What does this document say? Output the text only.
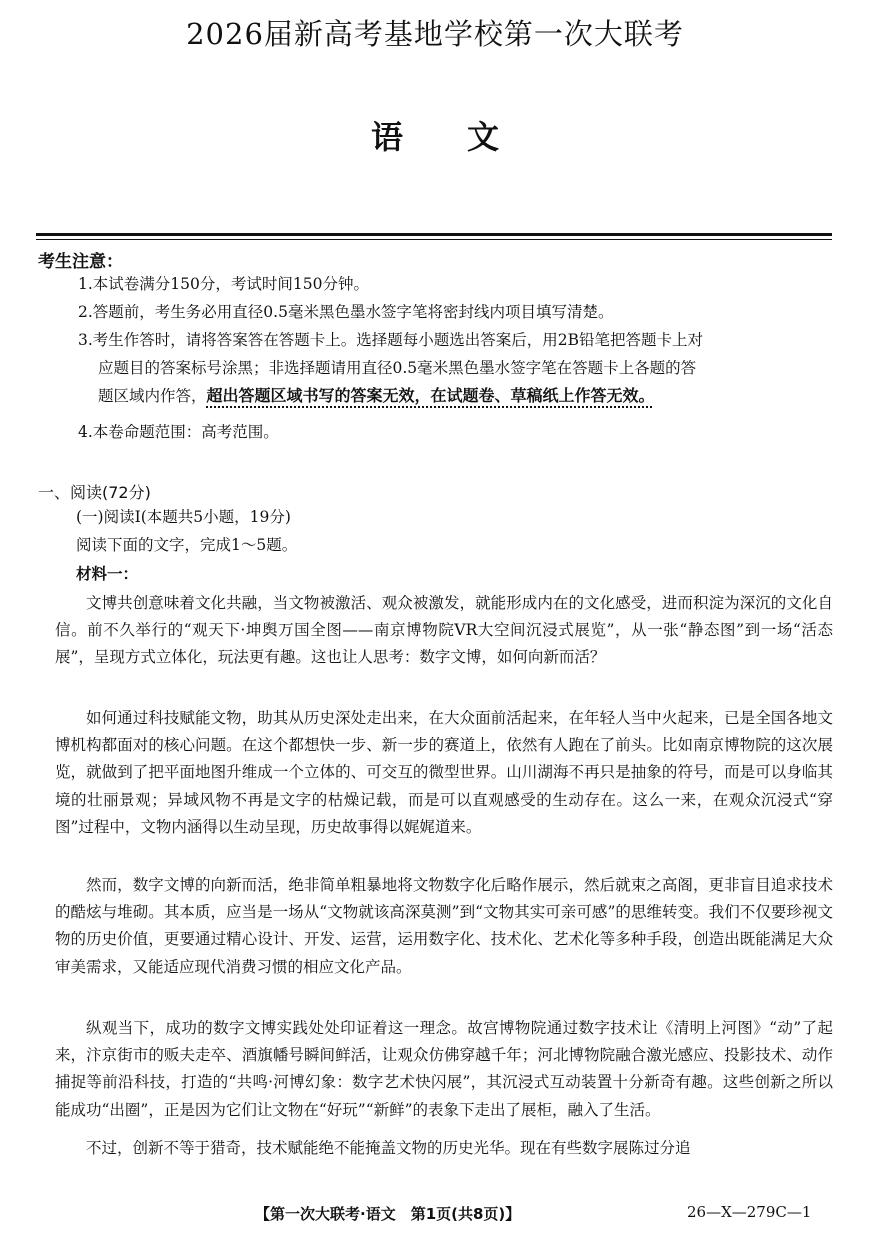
2026届新高考基地学校第一次大联考
语　　文
考生注意：
1.本试卷满分150分，考试时间150分钟。
2.答题前，考生务必用直径0.5毫米黑色墨水签字笔将密封线内项目填写清楚。
3.考生作答时，请将答案答在答题卡上。选择题每小题选出答案后，用2B铅笔把答题卡上对
应题目的答案标号涂黑；非选择题请用直径0.5毫米黑色墨水签字笔在答题卡上各题的答
题区域内作答，超出答题区域书写的答案无效，在试题卷、草稿纸上作答无效。
4.本卷命题范围：高考范围。
一、阅读(72分)
(一)阅读Ⅰ(本题共5小题，19分)
阅读下面的文字，完成1～5题。
材料一：

文博共创意味着文化共融，当文物被激活、观众被激发，就能形成内在的文化感受，进而积淀为深沉的文化自信。前不久举行的“观天下·坤舆万国全图——南京博物院VR大空间沉浸式展览”，从一张“静态图”到一场“活态展”，呈现方式立体化，玩法更有趣。这也让人思考：数字文博，如何向新而活？

如何通过科技赋能文物，助其从历史深处走出来，在大众面前活起来，在年轻人当中火起来，已是全国各地文博机构都面对的核心问题。在这个都想快一步、新一步的赛道上，依然有人跑在了前头。比如南京博物院的这次展览，就做到了把平面地图升维成一个立体的、可交互的微型世界。山川湖海不再只是抽象的符号，而是可以身临其境的壮丽景观；异域风物不再是文字的枯燥记载，而是可以直观感受的生动存在。这么一来，在观众沉浸式“穿图”过程中，文物内涵得以生动呈现，历史故事得以娓娓道来。

然而，数字文博的向新而活，绝非简单粗暴地将文物数字化后略作展示，然后就束之高阁，更非盲目追求技术的酷炫与堆砌。其本质，应当是一场从“文物就该高深莫测”到“文物其实可亲可感”的思维转变。我们不仅要珍视文物的历史价值，更要通过精心设计、开发、运营，运用数字化、技术化、艺术化等多种手段，创造出既能满足大众审美需求，又能适应现代消费习惯的相应文化产品。

纵观当下，成功的数字文博实践处处印证着这一理念。故宫博物院通过数字技术让《清明上河图》“动”了起来，汴京街市的贩夫走卒、酒旗幡号瞬间鲜活，让观众仿佛穿越千年；河北博物院融合激光感应、投影技术、动作捕捉等前沿科技，打造的“共鸣·河博幻象：数字艺术快闪展”，其沉浸式互动装置十分新奇有趣。这些创新之所以能成功“出圈”，正是因为它们让文物在“好玩”“新鲜”的表象下走出了展柜，融入了生活。

不过，创新不等于猎奇，技术赋能绝不能掩盖文物的历史光华。现在有些数字展陈过分追

【第一次大联考·语文　第1页(共8页)】	26—X—279C—1
